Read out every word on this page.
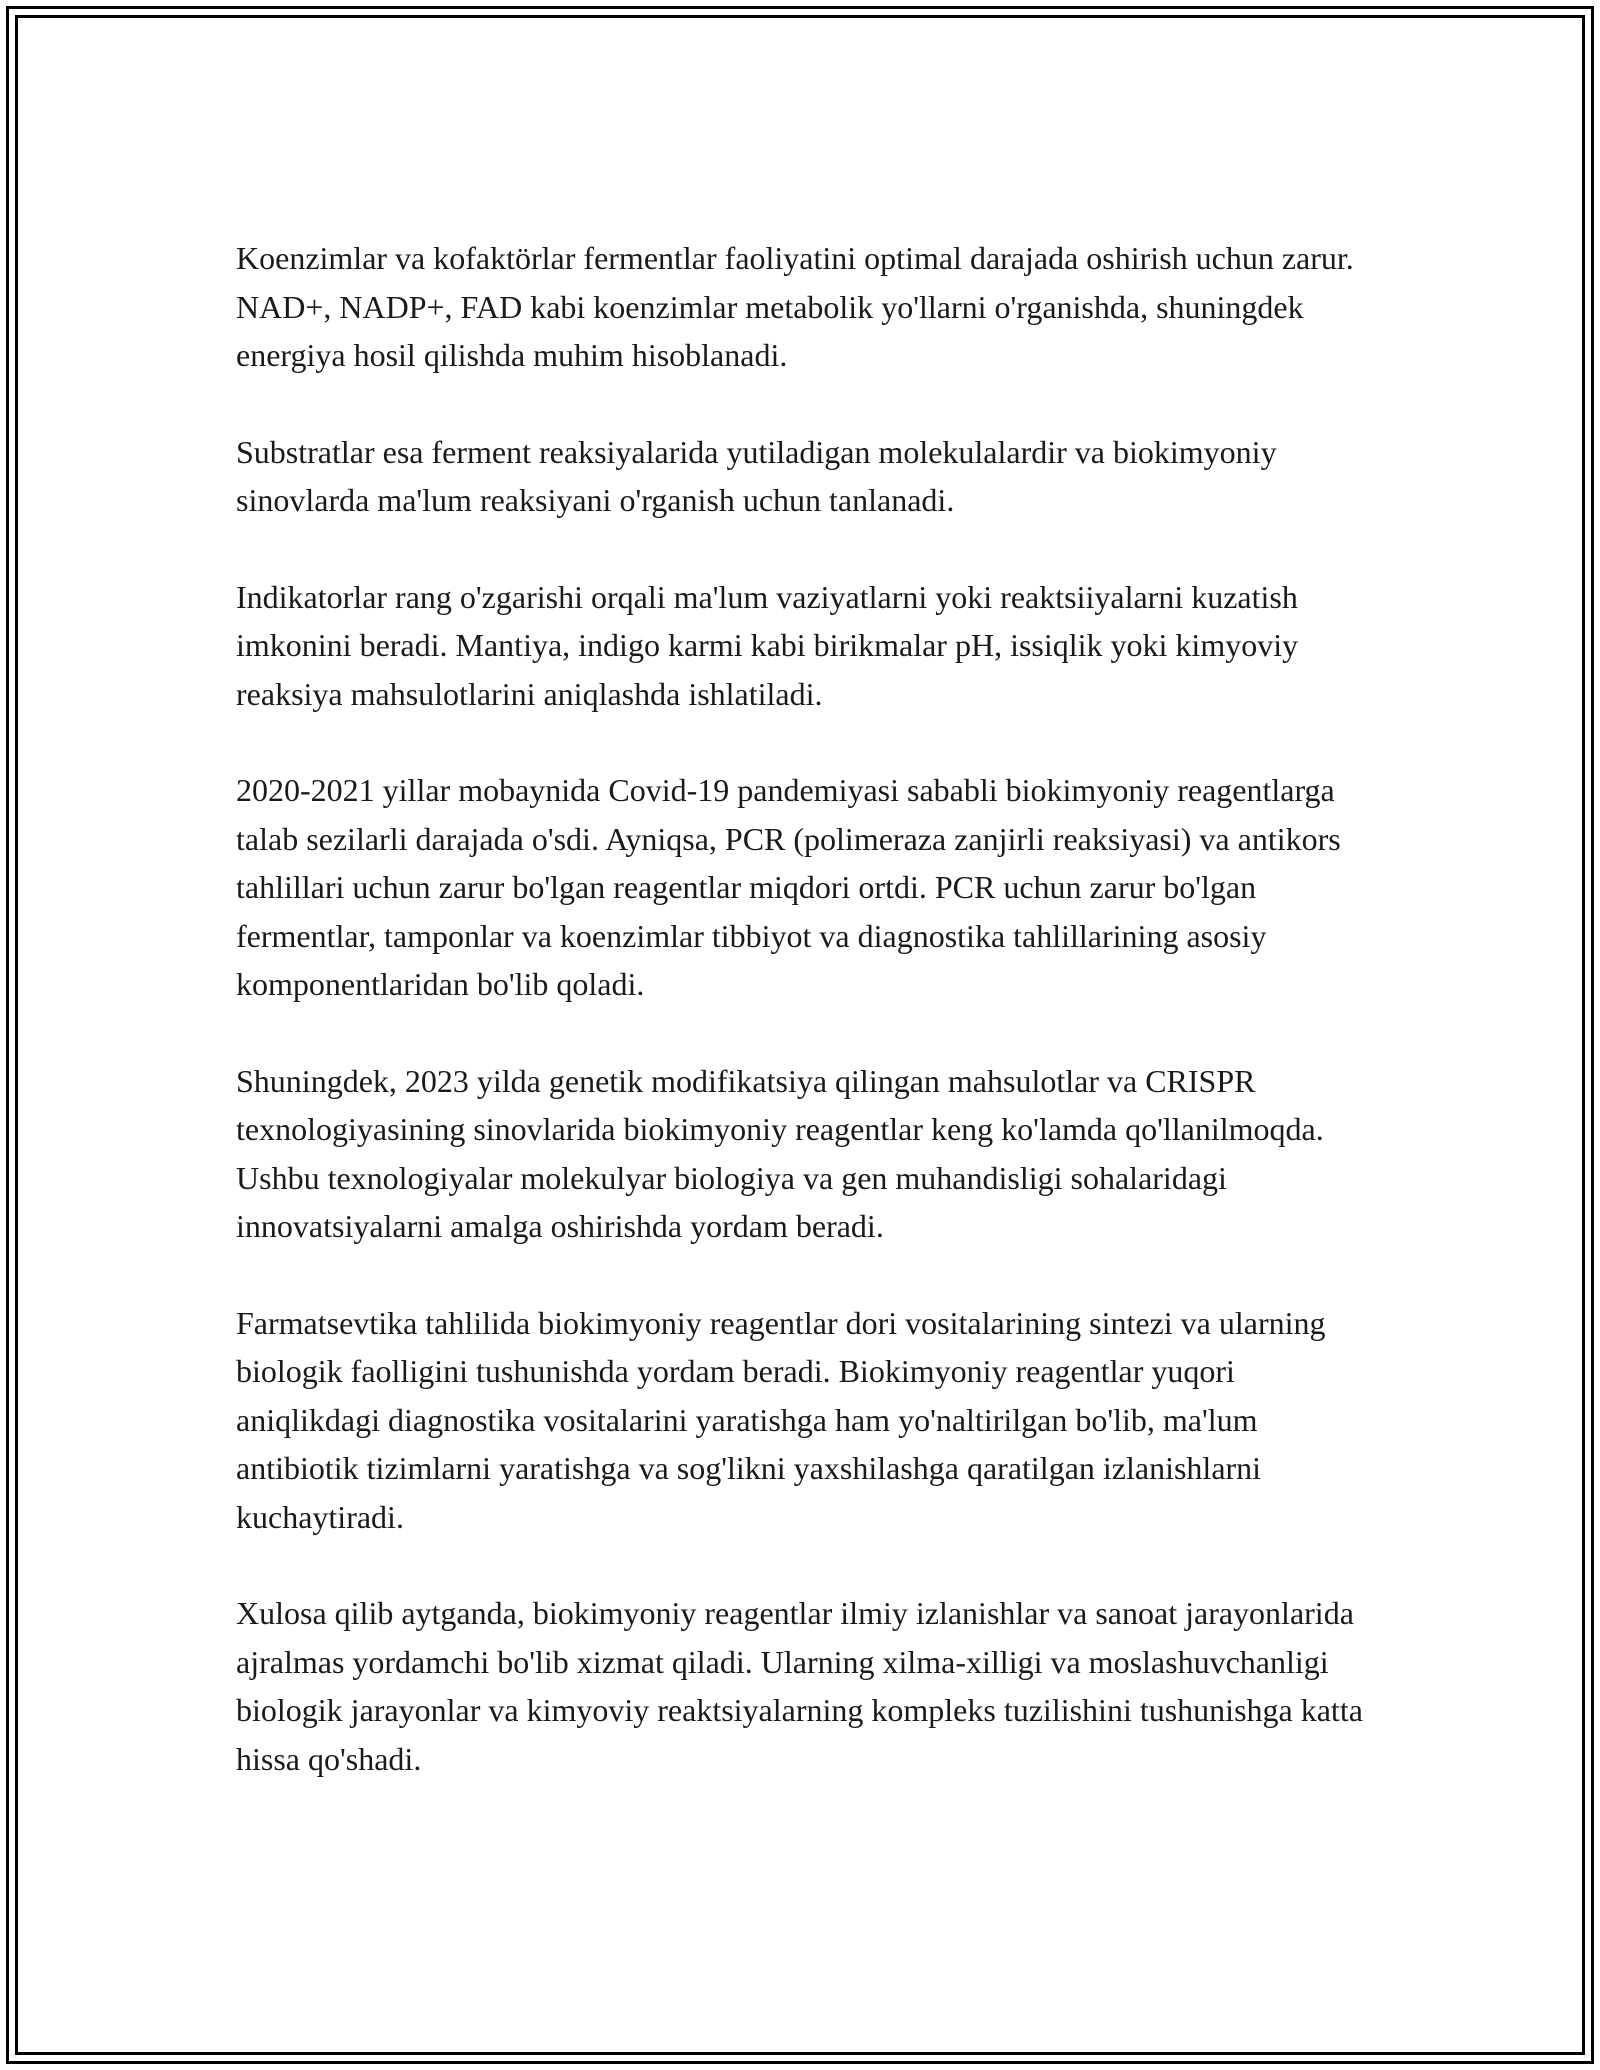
Koenzimlar va kofaktörlar fermentlar faoliyatini optimal darajada oshirish uchun zarur. NAD+, NADP+, FAD kabi koenzimlar metabolik yo'llarni o'rganishda, shuningdek energiya hosil qilishda muhim hisoblanadi.

Substratlar esa ferment reaksiyalarida yutiladigan molekulalardir va biokimyoniy sinovlarda ma'lum reaksiyani o'rganish uchun tanlanadi.

Indikatorlar rang o'zgarishi orqali ma'lum vaziyatlarni yoki reaktsiiyalarni kuzatish imkonini beradi. Mantiya, indigo karmi kabi birikmalar pH, issiqlik yoki kimyoviy reaksiya mahsulotlarini aniqlashda ishlatiladi.

2020-2021 yillar mobaynida Covid-19 pandemiyasi sababli biokimyoniy reagentlarga talab sezilarli darajada o'sdi. Ayniqsa, PCR (polimeraza zanjirli reaksiyasi) va antikors tahlillari uchun zarur bo'lgan reagentlar miqdori ortdi. PCR uchun zarur bo'lgan fermentlar, tamponlar va koenzimlar tibbiyot va diagnostika tahlillarining asosiy komponentlaridan bo'lib qoladi.

Shuningdek, 2023 yilda genetik modifikatsiya qilingan mahsulotlar va CRISPR texnologiyasining sinovlarida biokimyoniy reagentlar keng ko'lamda qo'llanilmoqda. Ushbu texnologiyalar molekulyar biologiya va gen muhandisligi sohalaridagi innovatsiyalarni amalga oshirishda yordam beradi.

Farmatsevtika tahlilida biokimyoniy reagentlar dori vositalarining sintezi va ularning biologik faolligini tushunishda yordam beradi. Biokimyoniy reagentlar yuqori aniqlikdagi diagnostika vositalarini yaratishga ham yo'naltirilgan bo'lib, ma'lum antibiotik tizimlarni yaratishga va sog'likni yaxshilashga qaratilgan izlanishlarni kuchaytiradi.

Xulosa qilib aytganda, biokimyoniy reagentlar ilmiy izlanishlar va sanoat jarayonlarida ajralmas yordamchi bo'lib xizmat qiladi. Ularning xilma-xilligi va moslashuvchanligi biologik jarayonlar va kimyoviy reaktsiyalarning kompleks tuzilishini tushunishga katta hissa qo'shadi.
